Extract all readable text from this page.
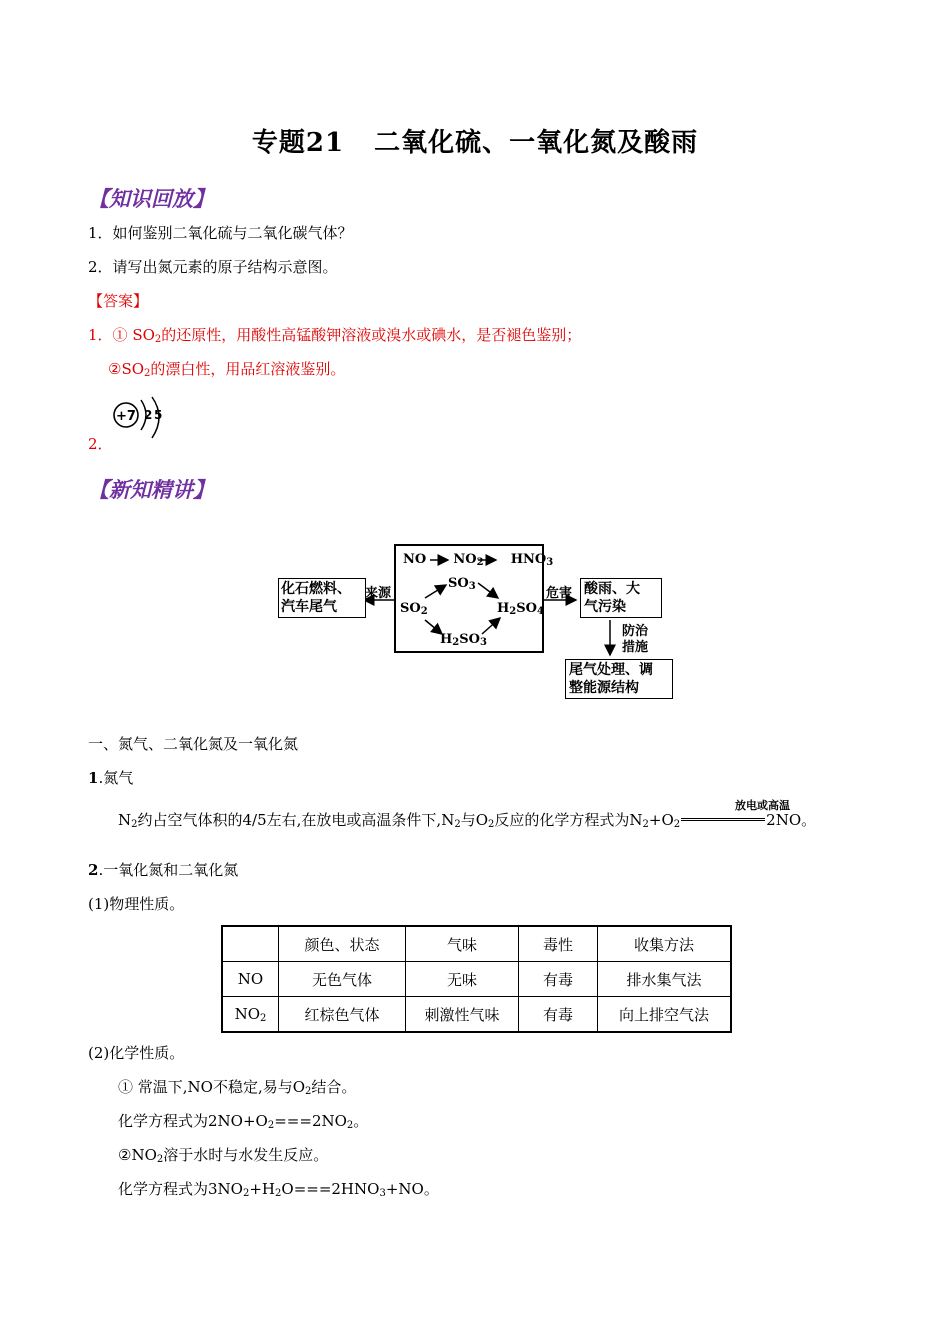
专题21 二氧化硫、一氧化氮及酸雨
【知识回放】
1．如何鉴别二氧化硫与二氧化碳气体？
2．请写出氮元素的原子结构示意图。
【答案】
1．① $SO_2$的还原性，用酸性高锰酸钾溶液或溴水或碘水，是否褪色鉴别；
$②SO_2$的漂白性，用品红溶液鉴别。
+7 2 5
2．
【新知精讲】
NO      $NO_2$      $HNO_3$
$SO_3$
$SO_2$	$H_2SO_4$
$H_2SO_3$
化石燃料、
汽车尾气
来源	危害 酸雨、大
气污染
防治
措施
尾气处理、调
整能源结构
一、氮气、二氧化氮及一氧化氮
1.氮气
$N_2$约占空气体积的4/5左右,在放电或高温条件下$,N_2$与$O_2$反应的化学方程式为$N_2+O_2$	2NO。
放电或高温
2.一氧化氮和二氧化氮
(1)物理性质。
	颜色、状态	气味	毒性	收集方法
NO	无色气体	无味	有毒	排水集气法
$NO_2$	红棕色气体	刺激性气味	有毒	向上排空气法
(2)化学性质。
① 常温下,NO不稳定,易与$O_2$结合。
化学方程式为$2NO+O_2===2NO_2$。
$②NO_2$溶于水时与水发生反应。
化学方程式为$3NO_2+H_2O===2HNO_3+NO$。
